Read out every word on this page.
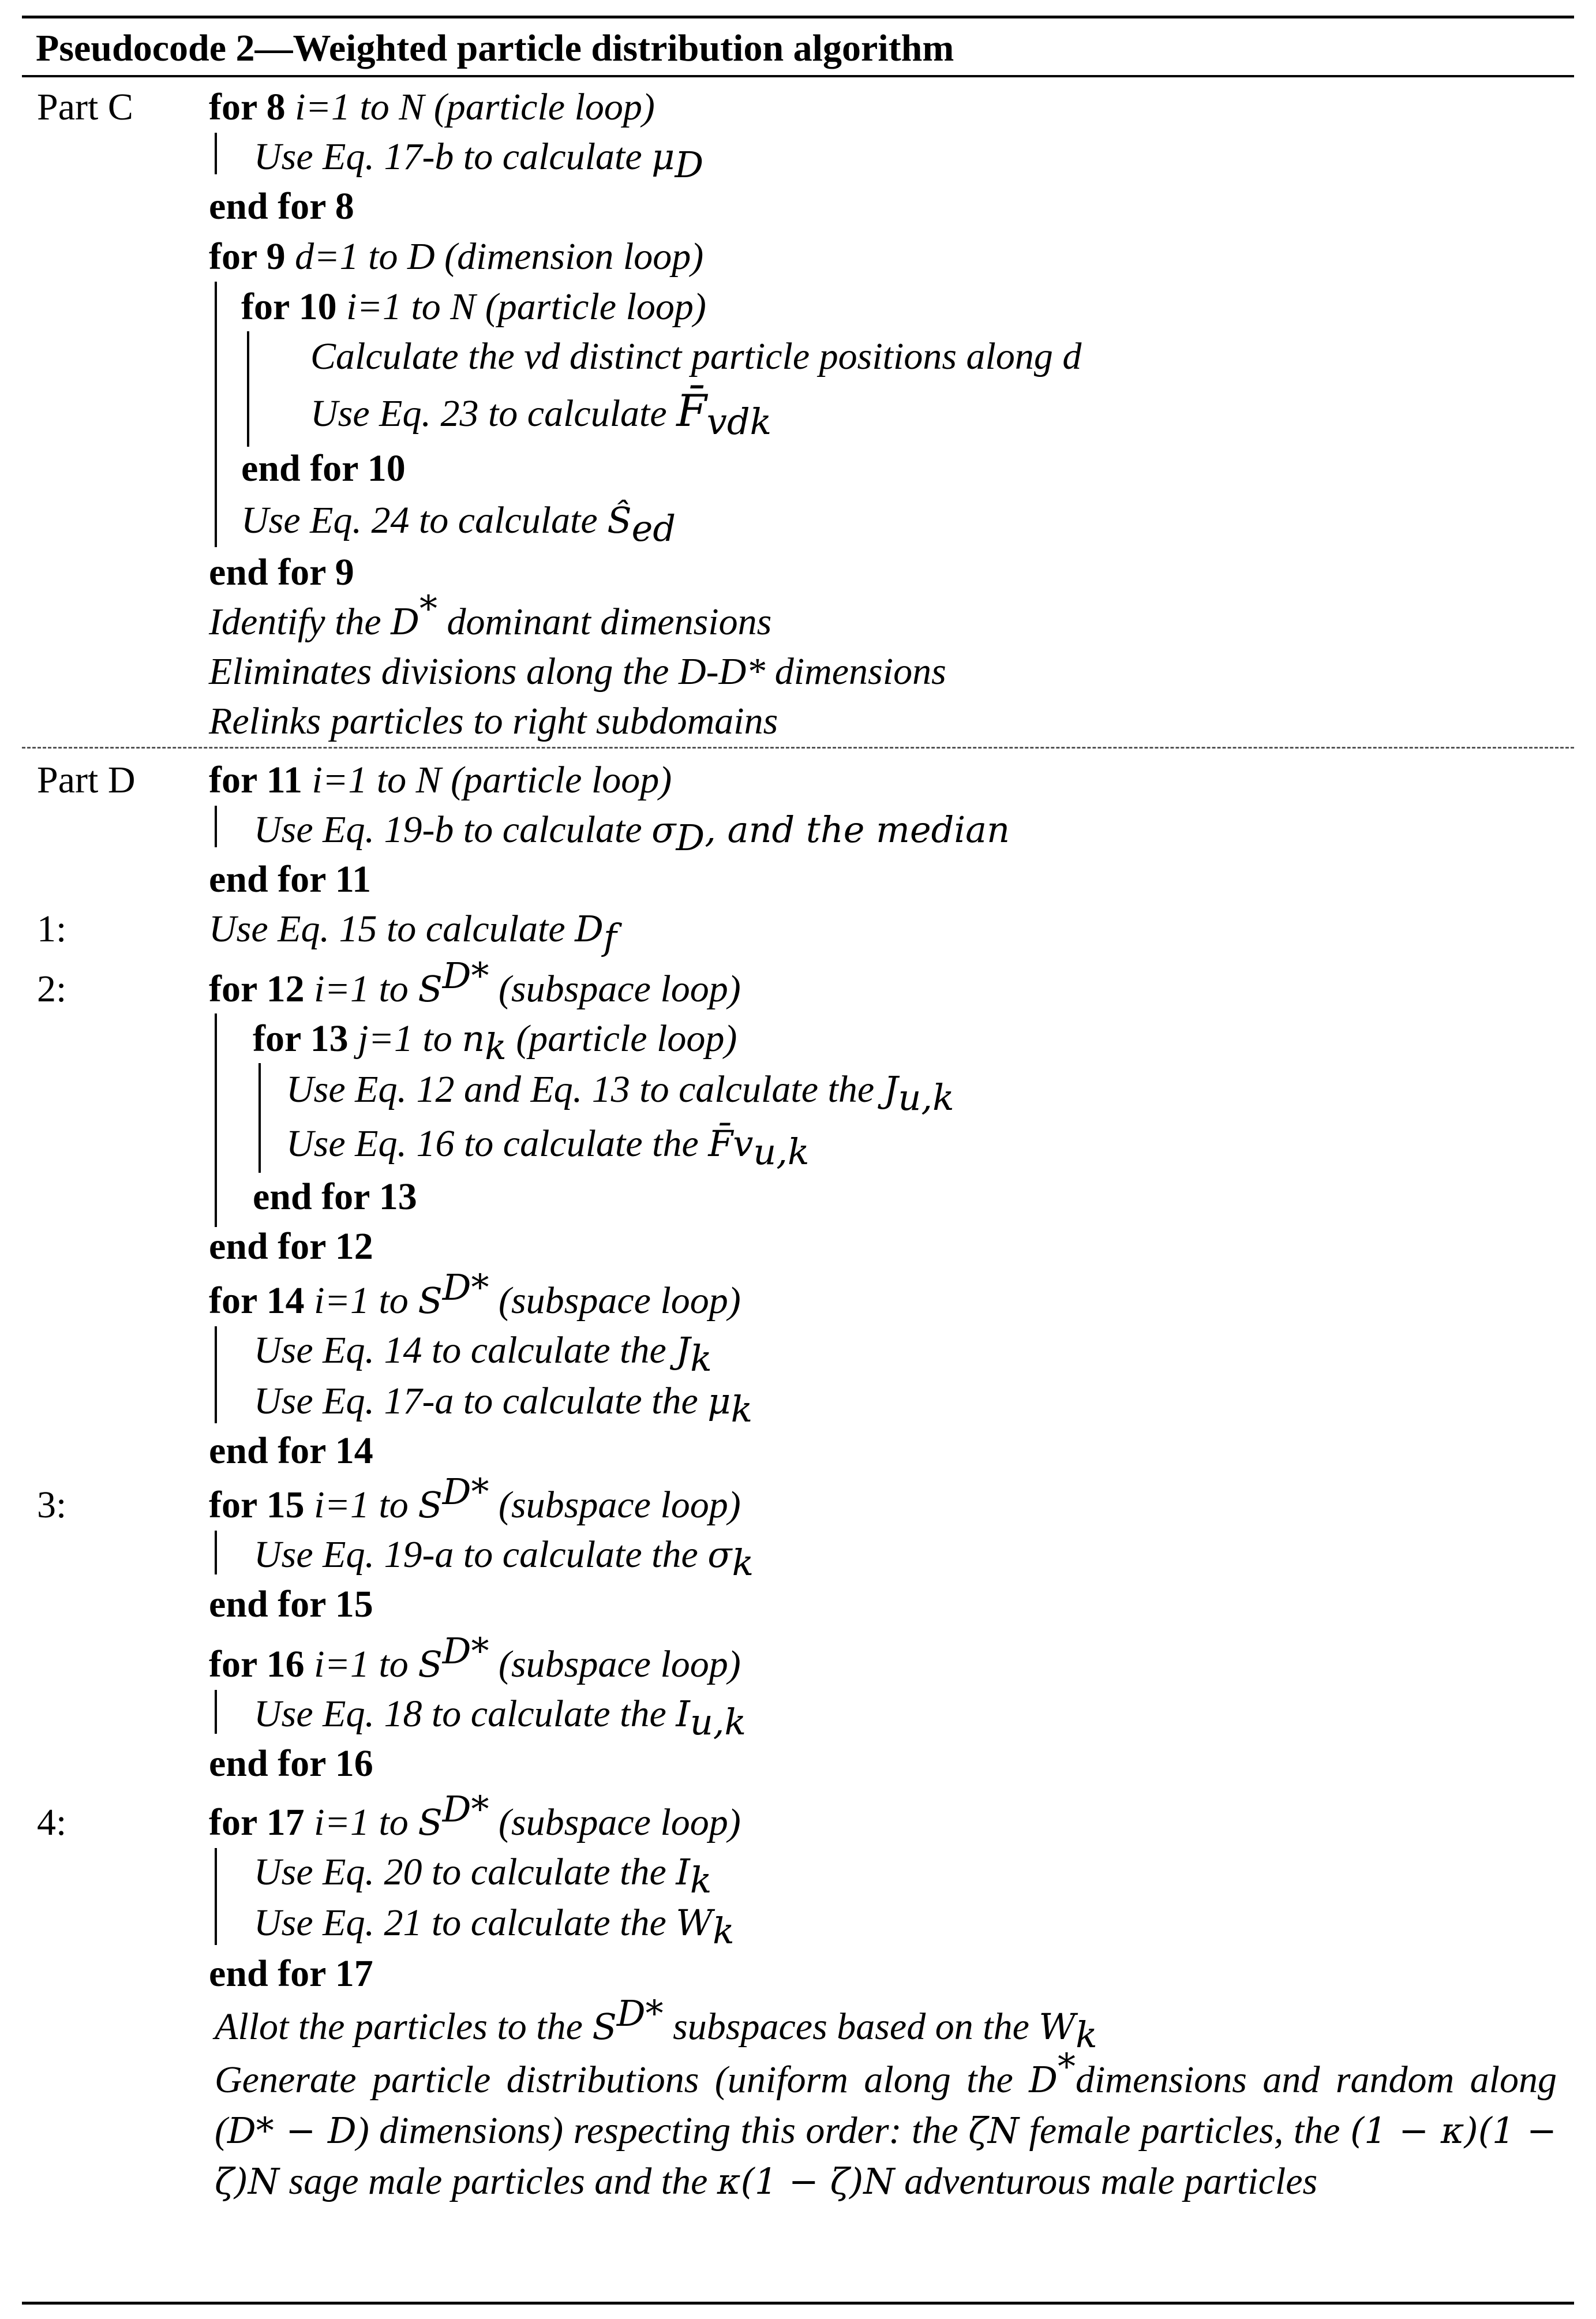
Pseudocode 2—Weighted particle distribution algorithm
Part C for 8 i=1 to N (particle loop)
Use Eq. 17-b to calculate $\mu_D$
end for 8
for 9 d=1 to D (dimension loop)
for 10 i=1 to N (particle loop)
Calculate the vd distinct particle positions along d
Use Eq. 23 to calculate $F̄_{vdk}$
end for 10
Use Eq. 24 to calculate $Ŝ_{ed}$
end for 9
Identify the D* dominant dimensions
Eliminates divisions along the D-D* dimensions
Relinks particles to right subdomains
Part D for 11 i=1 to N (particle loop)
Use Eq. 19-b to calculate $\sigma_D$, and the median
end for 11
1:	Use Eq. 15 to calculate $D_f$
2:	for 12 i=1 to $S^{D*}$ (subspace loop)
for 13 j=1 to $n_k$ (particle loop)
Use Eq. 12 and Eq. 13 to calculate the $J_{u,k}$
Use Eq. 16 to calculate the $F̄v_{u,k}$
end for 13
end for 12
for 14 i=1 to $S^{D*}$ (subspace loop)
Use Eq. 14 to calculate the $J_k$
Use Eq. 17-a to calculate the $\mu_k$
end for 14
3:	for 15 i=1 to $S^{D*}$ (subspace loop)
Use Eq. 19-a to calculate the $\sigma_k$
end for 15
for 16 i=1 to $S^{D*}$ (subspace loop)
Use Eq. 18 to calculate the $I_{u,k}$
end for 16
4:	for 17 i=1 to $S^{D*}$ (subspace loop)
Use Eq. 20 to calculate the $I_k$
Use Eq. 21 to calculate the $W_k$
end for 17
Allot the particles to the $S^{D*}$ subspaces based on the $W_k$
Generate particle distributions (uniform along the D*dimensions and random along (D* − D) dimensions) respecting this order: the ζN female particles, the (1 − κ)(1 − ζ)N sage male particles and the κ(1 − ζ)N adventurous male particles
